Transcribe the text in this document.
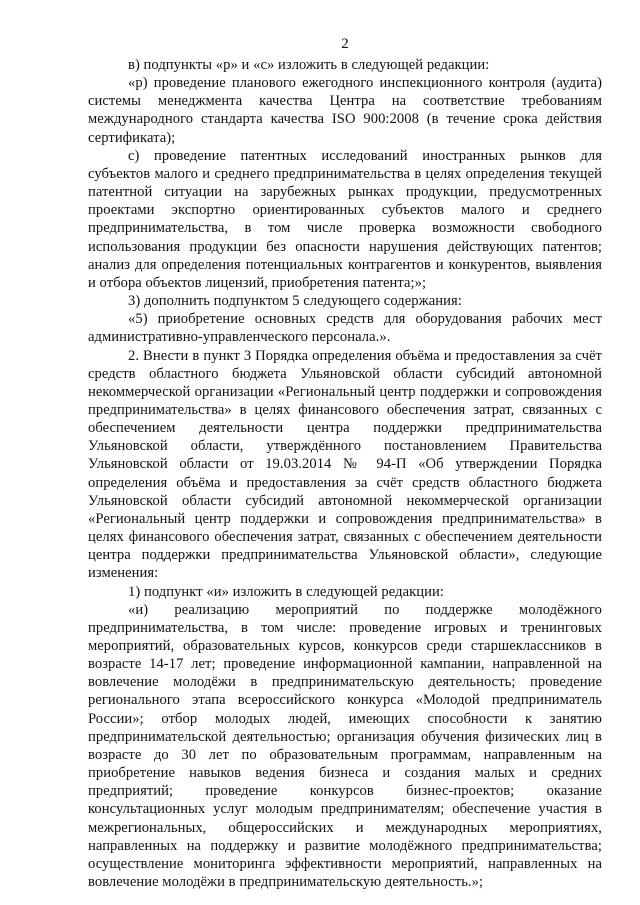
2

в) подпункты «р» и «с» изложить в следующей редакции:

«р) проведение планового ежегодного инспекционного контроля (аудита) системы менеджмента качества Центра на соответствие требованиям международного стандарта качества ISO 900:2008 (в течение срока действия сертификата);

с) проведение патентных исследований иностранных рынков для субъектов малого и среднего предпринимательства в целях определения текущей патентной ситуации на зарубежных рынках продукции, предусмотренных проектами экспортно ориентированных субъектов малого и среднего предпринимательства, в том числе проверка возможности свободного использования продукции без опасности нарушения действующих патентов; анализ для определения потенциальных контрагентов и конкурентов, выявления и отбора объектов лицензий, приобретения патента;»;

3) дополнить подпунктом 5 следующего содержания:

«5) приобретение основных средств для оборудования рабочих мест административно-управленческого персонала.».

2. Внести в пункт 3 Порядка определения объёма и предоставления за счёт средств областного бюджета Ульяновской области субсидий автономной некоммерческой организации «Региональный центр поддержки и сопровождения предпринимательства» в целях финансового обеспечения затрат, связанных с обеспечением деятельности центра поддержки предпринимательства Ульяновской области, утверждённого постановлением Правительства Ульяновской области от 19.03.2014 № 94-П «Об утверждении Порядка определения объёма и предоставления за счёт средств областного бюджета Ульяновской области субсидий автономной некоммерческой организации «Региональный центр поддержки и сопровождения предпринимательства» в целях финансового обеспечения затрат, связанных с обеспечением деятельности центра поддержки предпринимательства Ульяновской области», следующие изменения:

1) подпункт «и» изложить в следующей редакции:

«и) реализацию мероприятий по поддержке молодёжного предпринимательства, в том числе: проведение игровых и тренинговых мероприятий, образовательных курсов, конкурсов среди старшеклассников в возрасте 14-17 лет; проведение информационной кампании, направленной на вовлечение молодёжи в предпринимательскую деятельность; проведение регионального этапа всероссийского конкурса «Молодой предприниматель России»; отбор молодых людей, имеющих способности к занятию предпринимательской деятельностью; организация обучения физических лиц в возрасте до 30 лет по образовательным программам, направленным на приобретение навыков ведения бизнеса и создания малых и средних предприятий; проведение конкурсов бизнес-проектов; оказание консультационных услуг молодым предпринимателям; обеспечение участия в межрегиональных, общероссийских и международных мероприятиях, направленных на поддержку и развитие молодёжного предпринимательства; осуществление мониторинга эффективности мероприятий, направленных на вовлечение молодёжи в предпринимательскую деятельность.»;
